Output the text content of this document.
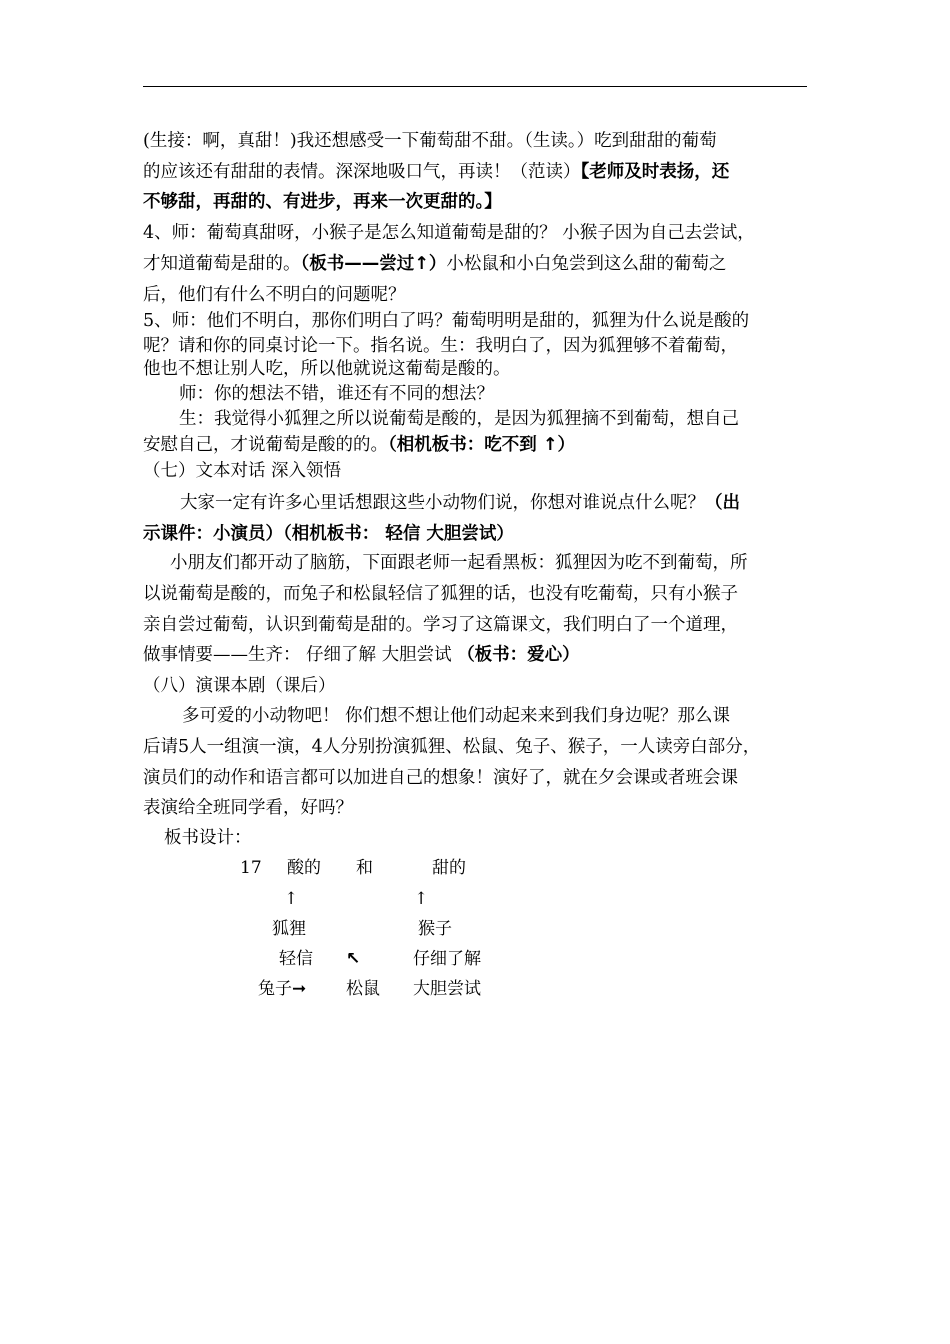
(生接：啊，真甜！)我还想感受一下葡萄甜不甜。（生读。）吃到甜甜的葡萄
的应该还有甜甜的表情。深深地吸口气，再读！（范读）【老师及时表扬，还
不够甜，再甜的、有进步，再来一次更甜的。】
4、师：葡萄真甜呀，小猴子是怎么知道葡萄是甜的？ 小猴子因为自己去尝试，
才知道葡萄是甜的。（板书——尝过↑）小松鼠和小白兔尝到这么甜的葡萄之
后，他们有什么不明白的问题呢？
5、师：他们不明白，那你们明白了吗？葡萄明明是甜的，狐狸为什么说是酸的
呢？请和你的同桌讨论一下。指名说。生：我明白了，因为狐狸够不着葡萄，
他也不想让别人吃，所以他就说这葡萄是酸的。
师：你的想法不错，谁还有不同的想法？
生：我觉得小狐狸之所以说葡萄是酸的，是因为狐狸摘不到葡萄，想自己
安慰自己，才说葡萄是酸的的。（相机板书：吃不到 ↑）
（七）文本对话 深入领悟
大家一定有许多心里话想跟这些小动物们说，你想对谁说点什么呢？（出
示课件：小演员）（相机板书： 轻信 大胆尝试）
小朋友们都开动了脑筋，下面跟老师一起看黑板：狐狸因为吃不到葡萄，所
以说葡萄是酸的，而兔子和松鼠轻信了狐狸的话，也没有吃葡萄，只有小猴子
亲自尝过葡萄，认识到葡萄是甜的。学习了这篇课文，我们明白了一个道理，
做事情要——生齐： 仔细了解 大胆尝试 （板书：爱心）
（八）演课本剧（课后）
多可爱的小动物吧！ 你们想不想让他们动起来来到我们身边呢？那么课
后请5人一组演一演，4人分别扮演狐狸、松鼠、兔子、猴子，一人读旁白部分，
演员们的动作和语言都可以加进自己的想象！演好了，就在夕会课或者班会课
表演给全班同学看，好吗？
板书设计：
17 酸的 和	甜的
↑	↑
狐狸	猴子
轻信 ↖	仔细了解
兔子➞ 松鼠 大胆尝试
